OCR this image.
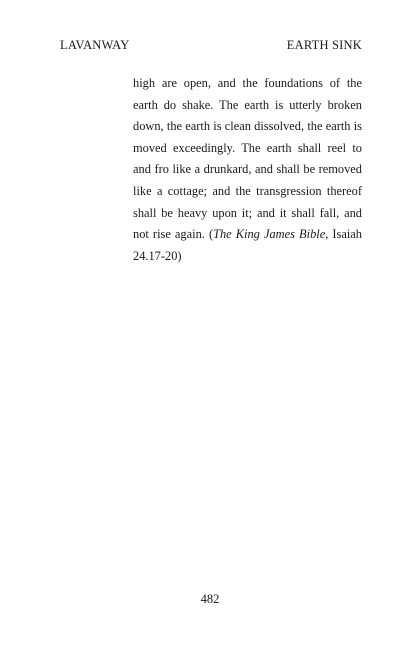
LAVANWAY	EARTH SINK
high are open, and the foundations of the earth do shake. The earth is utterly broken down, the earth is clean dissolved, the earth is moved exceedingly. The earth shall reel to and fro like a drunkard, and shall be removed like a cottage; and the transgression thereof shall be heavy upon it; and it shall fall, and not rise again. (The King James Bible, Isaiah 24.17-20)
482
